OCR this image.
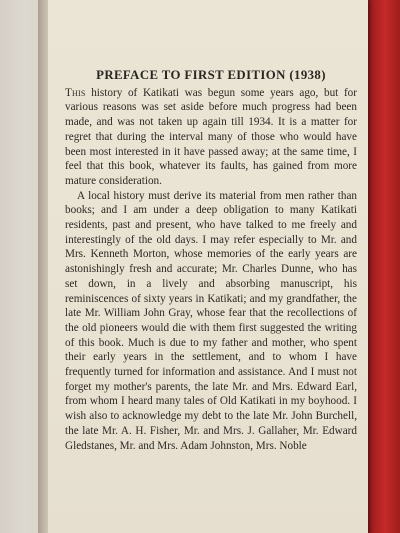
PREFACE TO FIRST EDITION (1938)

This history of Katikati was begun some years ago, but for various reasons was set aside before much progress had been made, and was not taken up again till 1934. It is a matter for regret that during the interval many of those who would have been most interested in it have passed away; at the same time, I feel that this book, whatever its faults, has gained from more mature consideration.

A local history must derive its material from men rather than books; and I am under a deep obligation to many Katikati residents, past and present, who have talked to me freely and interestingly of the old days. I may refer especially to Mr. and Mrs. Kenneth Morton, whose memories of the early years are astonishingly fresh and accurate; Mr. Charles Dunne, who has set down, in a lively and absorbing manuscript, his reminiscences of sixty years in Katikati; and my grandfather, the late Mr. William John Gray, whose fear that the recollections of the old pioneers would die with them first suggested the writing of this book. Much is due to my father and mother, who spent their early years in the settlement, and to whom I have frequently turned for information and assistance. And I must not forget my mother's parents, the late Mr. and Mrs. Edward Earl, from whom I heard many tales of Old Katikati in my boyhood. I wish also to acknowledge my debt to the late Mr. John Burchell, the late Mr. A. H. Fisher, Mr. and Mrs. J. Gallaher, Mr. Edward Gledstanes, Mr. and Mrs. Adam Johnston, Mrs. Noble
